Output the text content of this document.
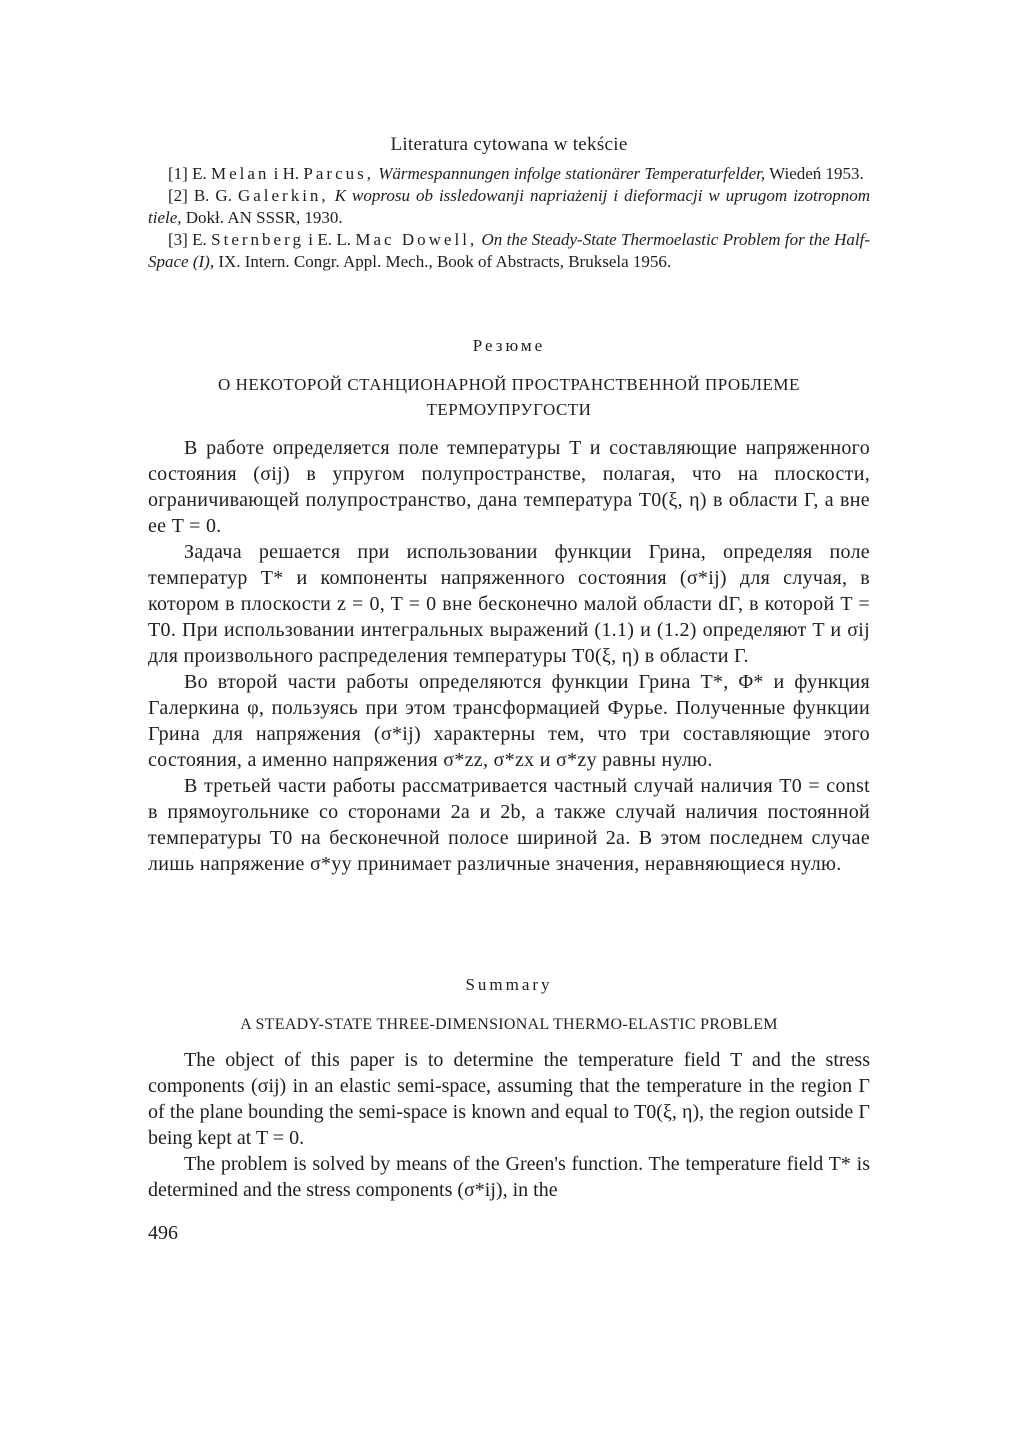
Literatura cytowana w tekście

[1] E. Melan i H. Parcus, Wärmespannungen infolge stationärer Temperaturfelder, Wiedeń 1953.

[2] B. G. Galerkin, K woprosu ob issledowanji napriażenij i dieformacji w uprugom izotropnom tiele, Dokł. AN SSSR, 1930.

[3] E. Sternberg i E. L. Mac Dowell, On the Steady-State Thermoelastic Problem for the Half-Space (I), IX. Intern. Congr. Appl. Mech., Book of Abstracts, Bruksela 1956.

Резюме
О НЕКОТОРОЙ СТАНЦИОНАРНОЙ ПРОСТРАНСТВЕННОЙ ПРОБЛЕМЕ
ТЕРМОУПРУГОСТИ

В работе определяется поле температуры T и составляющие напряженного состояния (σij) в упругом полупространстве, полагая, что на плоскости, ограничивающей полупространство, дана температура T0(ξ, η) в области Γ, а вне ее T = 0.

Задача решается при использовании функции Грина, определяя поле температур T* и компоненты напряженного состояния (σ*ij) для случая, в котором в плоскости z = 0, T = 0 вне бесконечно малой области dΓ, в которой T = T0. При использовании интегральных выражений (1.1) и (1.2) определяют T и σij для произвольного распределения температуры T0(ξ, η) в области Γ.

Во второй части работы определяются функции Грина T*, Φ* и функция Галеркина φ, пользуясь при этом трансформацией Фурье. Полученные функции Грина для напряжения (σ*ij) характерны тем, что три составляющие этого состояния, а именно напряжения σ*zz, σ*zx и σ*zy равны нулю.

В третьей части работы рассматривается частный случай наличия T0 = const в прямоугольнике со сторонами 2a и 2b, а также случай наличия постоянной температуры T0 на бесконечной полосе шириной 2a. В этом последнем случае лишь напряжение σ*yy принимает различные значения, неравняющиеся нулю.

Summary
A STEADY-STATE THREE-DIMENSIONAL THERMO-ELASTIC PROBLEM

The object of this paper is to determine the temperature field T and the stress components (σij) in an elastic semi-space, assuming that the temperature in the region Γ of the plane bounding the semi-space is known and equal to T0(ξ, η), the region outside Γ being kept at T = 0.

The problem is solved by means of the Green's function. The temperature field T* is determined and the stress components (σ*ij), in the

496
